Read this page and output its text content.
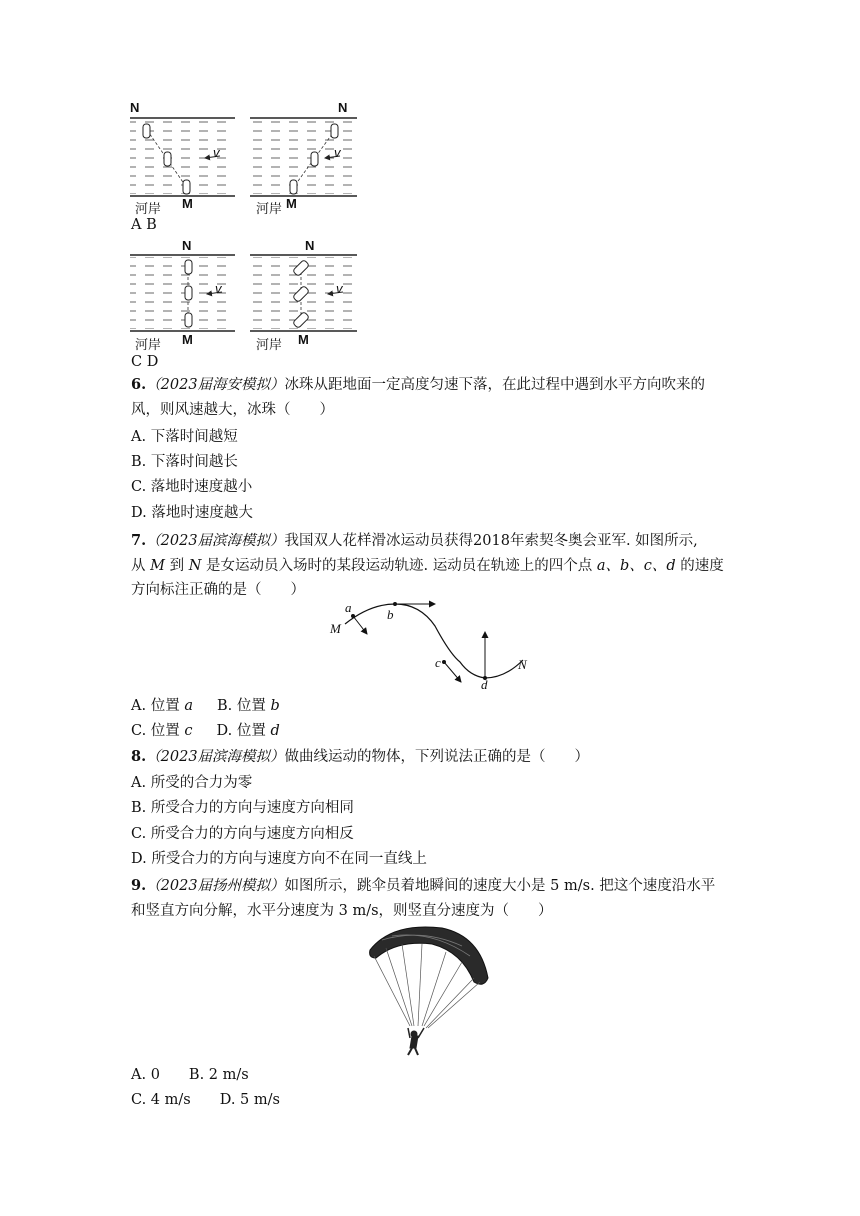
N	N
N	N
v	v
v	v
河岸 M	河岸 M
河岸 M	河岸 M
A B
C D
6.（2023届海安模拟）冰珠从距地面一定高度匀速下落，在此过程中遇到水平方向吹来的
风，则风速越大，冰珠（　　）
A. 下落时间越短
B. 下落时间越长
C. 落地时速度越小
D. 落地时速度越大
7.（2023届滨海模拟）我国双人花样滑冰运动员获得2018年索契冬奥会亚军. 如图所示,
从 M 到 N 是女运动员入场时的某段运动轨迹. 运动员在轨迹上的四个点 a、b、c、d 的速度
方向标注正确的是（　　）
a
M
b
c
d
N
A. 位置 a B. 位置 b
C. 位置 c D. 位置 d
8.（2023届滨海模拟）做曲线运动的物体，下列说法正确的是（　　）
A. 所受的合力为零
B. 所受合力的方向与速度方向相同
C. 所受合力的方向与速度方向相反
D. 所受合力的方向与速度方向不在同一直线上
9.（2023届扬州模拟）如图所示，跳伞员着地瞬间的速度大小是 5 m/s. 把这个速度沿水平
和竖直方向分解，水平分速度为 3 m/s，则竖直分速度为（　　）
A. 0　　B. 2 m/s
C. 4 m/s　　D. 5 m/s
